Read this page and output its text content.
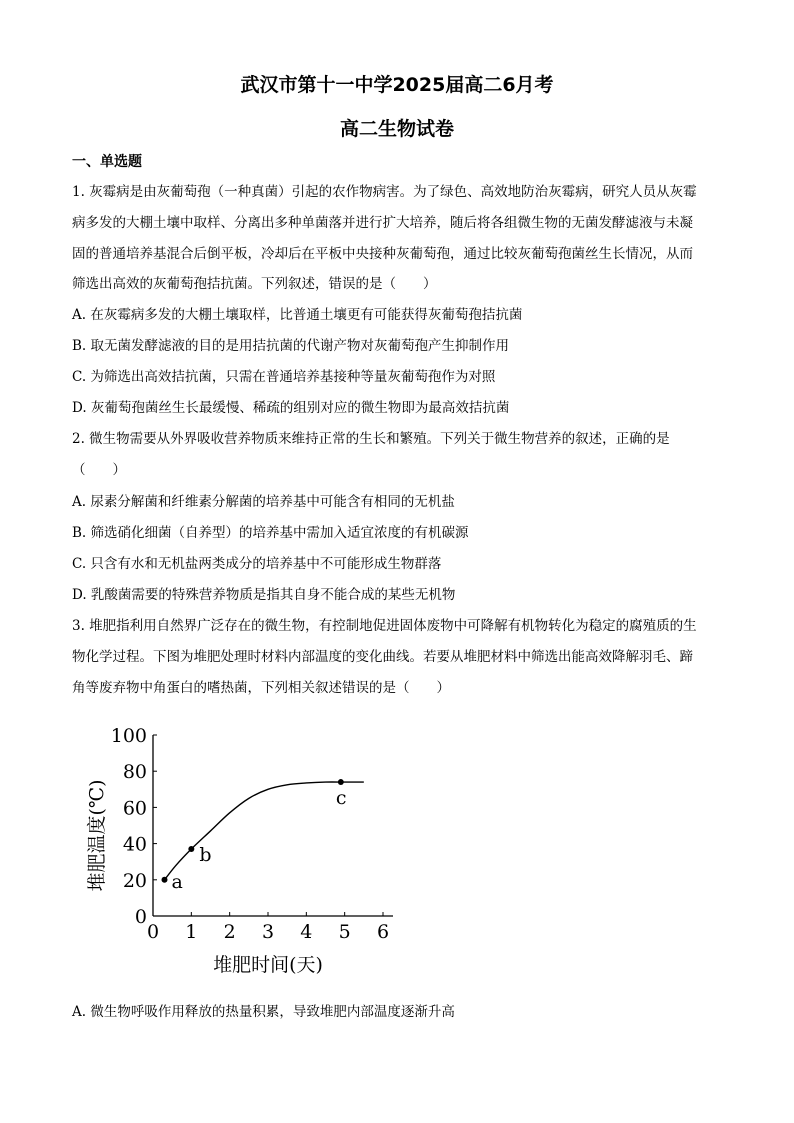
武汉市第十一中学2025届高二6月考
高二生物试卷
一、单选题
1. 灰霉病是由灰葡萄孢（一种真菌）引起的农作物病害。为了绿色、高效地防治灰霉病，研究人员从灰霉
病多发的大棚土壤中取样、分离出多种单菌落并进行扩大培养，随后将各组微生物的无菌发酵滤液与未凝
固的普通培养基混合后倒平板，冷却后在平板中央接种灰葡萄孢，通过比较灰葡萄孢菌丝生长情况，从而
筛选出高效的灰葡萄孢拮抗菌。下列叙述，错误的是（　　）
A. 在灰霉病多发的大棚土壤取样，比普通土壤更有可能获得灰葡萄孢拮抗菌
B. 取无菌发酵滤液的目的是用拮抗菌的代谢产物对灰葡萄孢产生抑制作用
C. 为筛选出高效拮抗菌，只需在普通培养基接种等量灰葡萄孢作为对照
D. 灰葡萄孢菌丝生长最缓慢、稀疏的组别对应的微生物即为最高效拮抗菌
2. 微生物需要从外界吸收营养物质来维持正常的生长和繁殖。下列关于微生物营养的叙述，正确的是
（　　）
A. 尿素分解菌和纤维素分解菌的培养基中可能含有相同的无机盐
B. 筛选硝化细菌（自养型）的培养基中需加入适宜浓度的有机碳源
C. 只含有水和无机盐两类成分的培养基中不可能形成生物群落
D. 乳酸菌需要的特殊营养物质是指其自身不能合成的某些无机物
3. 堆肥指利用自然界广泛存在的微生物，有控制地促进固体废物中可降解有机物转化为稳定的腐殖质的生
物化学过程。下图为堆肥处理时材料内部温度的变化曲线。若要从堆肥材料中筛选出能高效降解羽毛、蹄
角等废弃物中角蛋白的嗜热菌，下列相关叙述错误的是（　　）
0 1 2 3 4 5 6
0
20
40
60
80
100
a
b
c
堆肥时间(天)
堆肥温度(℃)
A. 微生物呼吸作用释放的热量积累，导致堆肥内部温度逐渐升高
